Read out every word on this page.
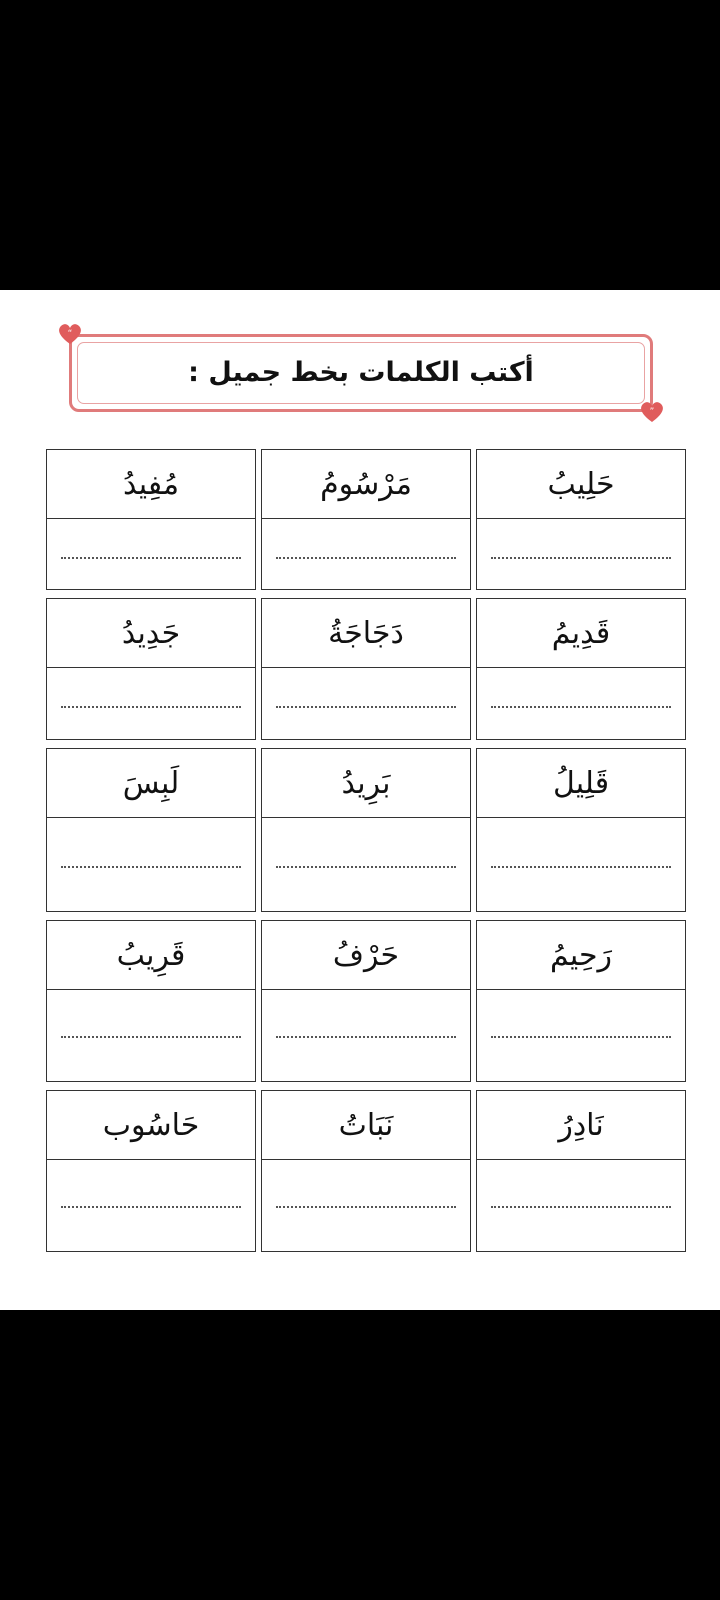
“
”
أكتب الكلمات بخط جميل :
حَلِيبُ
مَرْسُومُ
مُفِيدُ
قَدِيمُ
دَجَاجَةُ
جَدِيدُ
قَلِيلُ
بَرِيدُ
لَبِسَ
رَحِيمُ
حَرْفُ
قَرِيبُ
نَادِرُ
نَبَاتُ
حَاسُوب
